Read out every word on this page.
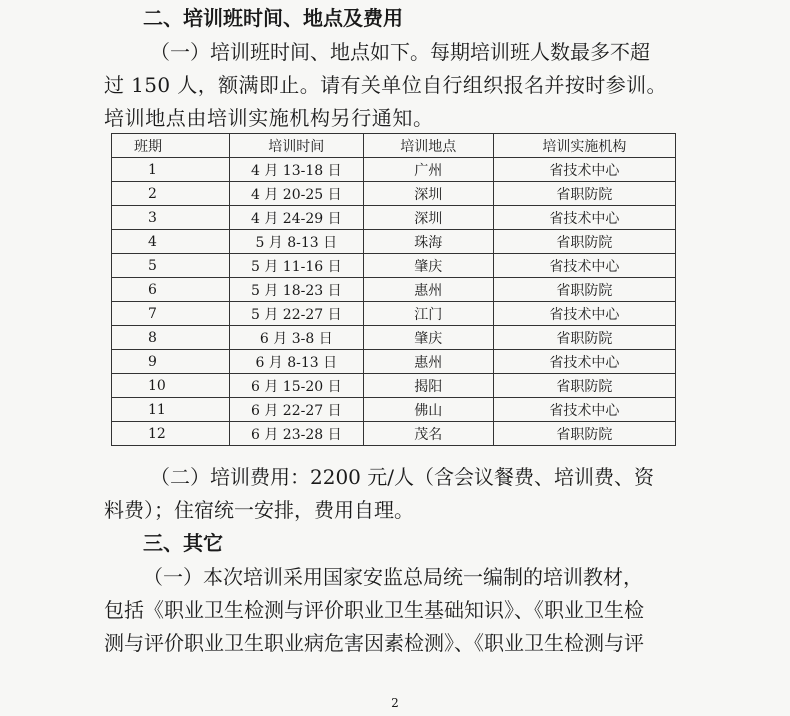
二、培训班时间、地点及费用
（一）培训班时间、地点如下。每期培训班人数最多不超
过 150 人，额满即止。请有关单位自行组织报名并按时参训。
培训地点由培训实施机构另行通知。
班期	培训时间	培训地点	培训实施机构
1	4 月 13-18 日	广州	省技术中心
2	4 月 20-25 日	深圳	省职防院
3	4 月 24-29 日	深圳	省技术中心
4	5 月 8-13 日	珠海	省职防院
5	5 月 11-16 日	肇庆	省技术中心
6	5 月 18-23 日	惠州	省职防院
7	5 月 22-27 日	江门	省技术中心
8	6 月 3-8 日	肇庆	省职防院
9	6 月 8-13 日	惠州	省技术中心
10	6 月 15-20 日	揭阳	省职防院
11	6 月 22-27 日	佛山	省技术中心
12	6 月 23-28 日	茂名	省职防院
（二）培训费用：2200 元/人（含会议餐费、培训费、资
料费）；住宿统一安排，费用自理。
三、其它
（一）本次培训采用国家安监总局统一编制的培训教材，
包括《职业卫生检测与评价职业卫生基础知识》、《职业卫生检
测与评价职业卫生职业病危害因素检测》、《职业卫生检测与评
2
